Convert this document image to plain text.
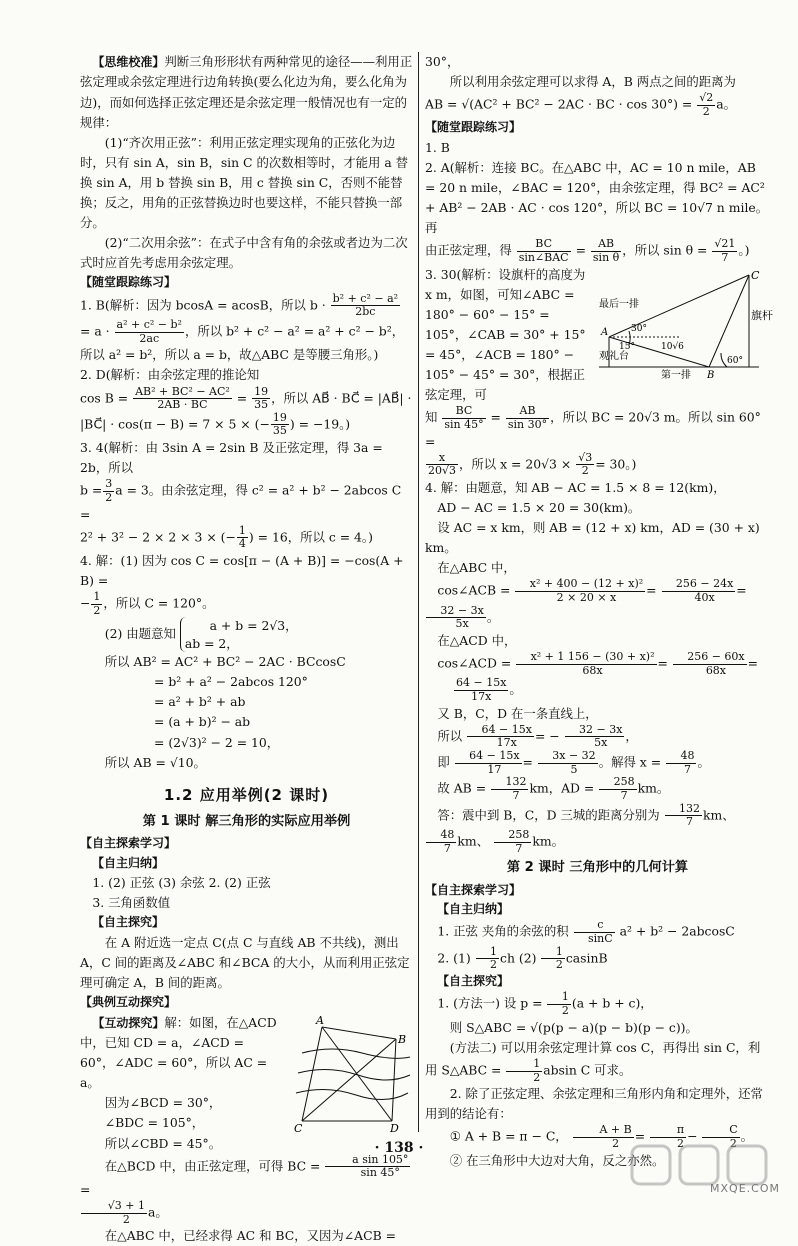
【思维校准】判断三角形形状有两种常见的途径——利用正弦定理或余弦定理进行边角转换(要么化边为角，要么化角为边)，而如何选择正弦定理还是余弦定理一般情况也有一定的规律：

(1)“齐次用正弦”：利用正弦定理实现角的正弦化为边时，只有 sin A，sin B，sin C 的次数相等时，才能用 a 替换 sin A，用 b 替换 sin B，用 c 替换 sin C，否则不能替换；反之，用角的正弦替换边时也要这样，不能只替换一部分。

(2)“二次用余弦”：在式子中含有角的余弦或者边为二次式时应首先考虑用余弦定理。

【随堂跟踪练习】

1. B(解析：因为 bcosA = acosB，所以 $b \cdot \frac{\text{b² + c² − a²}}{2bc}$
= $a \cdot \frac{\text{a² + c² − b²}}{2ac}$ ，所以 b² + c² − a² = a² + c² − b²，所以 a² = b²，所以 a = b，故△ABC 是等腰三角形。)

2. D(解析：由余弦定理的推论知
$\cos B = \frac{\text{AB² + BC² − AC²}}{2AB \cdot BC} = \frac{19}{35}$ ，所以 AB⃗ · BC⃗ = |AB⃗| ·
|BC⃗| · cos(π − B) = 7 × 5 × (− $\frac{19}{35}$ ) = −19。)

3. 4(解析：由 3sin A = 2sin B 及正弦定理，得 3a = 2b，所以
$b = \frac{3}{2}$ a = 3。由余弦定理，得 c² = a² + b² − 2abcos C =
2² + 3² − 2 × 2 × 3 × (− $\frac{1}{4}$ ) = 16，所以 c = 4。)

4. 解：(1) 因为 cos C = cos[π − (A + B)] = −cos(A + B) =
− $\frac{1}{2}$ ，所以 C = 120°。

(2) 由题意知 a + b = 2√3，
ab = 2，

所以 AB² = AC² + BC² − 2AC · BCcosC

= b² + a² − 2abcos 120°

= a² + b² + ab

= (a + b)² − ab

= (2√3)² − 2 = 10，

所以 AB = √10。

1.2 应用举例(2 课时)
第 1 课时 解三角形的实际应用举例

【自主探索学习】

【自主归纳】

1. (2) 正弦 (3) 余弦 2. (2) 正弦

3. 三角函数值

【自主探究】

在 A 附近选一定点 C(点 C 与直线 AB 不共线)，测出 A，C 间的距离及∠ABC 和∠BCA 的大小，从而利用正弦定理可确定 A，B 间的距离。

【典例互动探究】

【互动探究】解：如图，在△ACD 中，已知 CD = a，∠ACD = 60°，∠ADC = 60°，所以 AC = a。

因为∠BCD = 30°，

∠BDC = 105°，

所以∠CBD = 45°。

A
B
C	D

在△BCD 中，由正弦定理，可得 BC = $\frac{\text{a sin 105°}}{\sin 45^\circ}$
=

$\frac{√3 + 1}{2}$ a。

在△ABC 中，已经求得 AC 和 BC，又因为∠ACB =

30°，

所以利用余弦定理可以求得 A，B 两点之间的距离为

AB = √(AC² + BC² − 2AC · BC · $\cos 30^\circ) = \frac{√2}{2}$ a。

【随堂跟踪练习】

1. B

2. A(解析：连接 BC。在△ABC 中，AC = 10 n mile，AB = 20 n mile，∠BAC = 120°，由余弦定理，得 BC² = AC² + AB² − 2AB · AC · cos 120°，所以 BC = 10√7 n mile。再
由正弦定理，得 $\frac{BC}{\text{sin∠BAC}} = \frac{AB}{\text{sin θ}}$ ，所以 $\sin \theta = \frac{√21}{7}$ 。)

3. 30(解析：设旗杆的高度为 x m，如图，可知∠ABC = 180° − 60° − 15° = 105°，∠CAB = 30° + 15° = 45°，∠ACB = 180° − 105° − 45° = 30°，根据正弦定理，可

C
旗杆
最后一排
第一排
观礼台
A
B
30°
15°
60°
10√6

知 $\frac{BC}{\sin 45^\circ} = \frac{AB}{\sin 30^\circ}$ ，所以 BC = 20√3 m。所以 sin 60° =

$\frac{x}{20√3}$ ，所以 $x = 20√3 \times \frac{√3}{2} = 30$。)

4. 解：由题意，知 AB − AC = 1.5 × 8 = 12(km)，

AD − AC = 1.5 × 20 = 30(km)。

设 AC = x km，则 AB = (12 + x) km，AD = (30 + x) km。

在△ABC 中，

cos∠ACB = $\frac{\text{x² + 400 − (12 + x)²}}{2 \times 20 \times x} = \frac{256 - 24x}{40x}$ =
$\frac{32 - 3x}{5x}$ 。

在△ACD 中，

cos∠ACD = $\frac{\text{x² + 1 156 − (30 + x)²}}{68x} = \frac{256 - 60x}{68x}$ =

$\frac{64 - 15x}{17x}$ 。

又 B，C，D 在一条直线上，

所以 $\frac{64 - 15x}{17x}$ = − $\frac{32 - 3x}{5x}$ ，

即 $\frac{64 - 15x}{17} = \frac{3x - 32}{5}$ 。解得 $x = \frac{48}{7}$ 。

故 AB = $\frac{132}{7}$ km，AD = $\frac{258}{7}$ km。

答：震中到 B，C，D 三城的距离分别为 $\frac{132}{7}$ km、
$\frac{48}{7}$ km、 $\frac{258}{7}$ km。

第 2 课时 三角形中的几何计算

【自主探索学习】

【自主归纳】

1. 正弦 夹角的余弦的积 $\frac{c}{\sin C} a^2 + b^2 - 2abcosC$

2. $(1) \frac{1}{2}$ ch $(2) \frac{1}{2}$ casinB

【自主探究】

1. (方法一) 设 $p = \frac{1}{2} (a + b + c)$，

则 S△ABC = √(p(p − a)(p − b)(p − c))。

(方法二) 可以用余弦定理计算 cos C，再得出 sin C，利用 S△ABC = $\frac{1}{2}$ absin C 可求。

2. 除了正弦定理、余弦定理和三角形内角和定理外，还常用到的结论有：

① A + B = π − C， $\frac{A + B}{2} = \frac{\pi}{2} - \frac{C}{2}$ 。

② 在三角形中大边对大角，反之亦然。

· 138 ·
MXQE.COM
